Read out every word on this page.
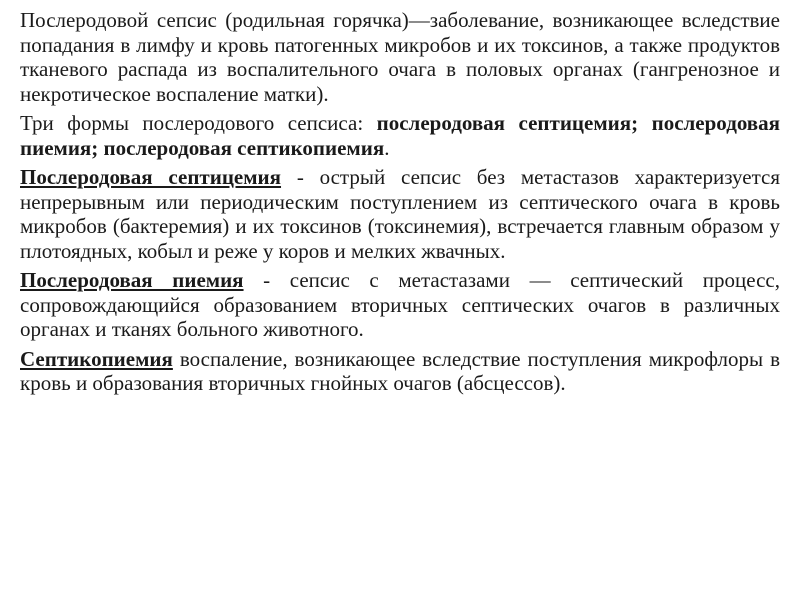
Послеродовой сепсис (родильная горячка)—заболевание, возникающее вследствие попадания в лимфу и кровь патогенных микробов и их токсинов, а также продуктов тканевого распада из воспалительного очага в половых органах (гангренозное и некротическое воспаление матки).

Три формы послеродового сепсиса: послеродовая септицемия; послеродовая пиемия; послеродовая септикопиемия.

Послеродовая септицемия - острый сепсис без метастазов характеризуется непрерывным или периодическим поступлением из септического очага в кровь микробов (бактеремия) и их токсинов (токсинемия), встречается главным образом у плотоядных, кобыл и реже у коров и мелких жвачных.

Послеродовая пиемия - сепсис с метастазами — септический процесс, сопровождающийся образованием вторичных септических очагов в различных органах и тканях больного животного.

Септикопиемия воспаление, возникающее вследствие поступления микрофлоры в кровь и образования вторичных гнойных очагов (абсцессов).
